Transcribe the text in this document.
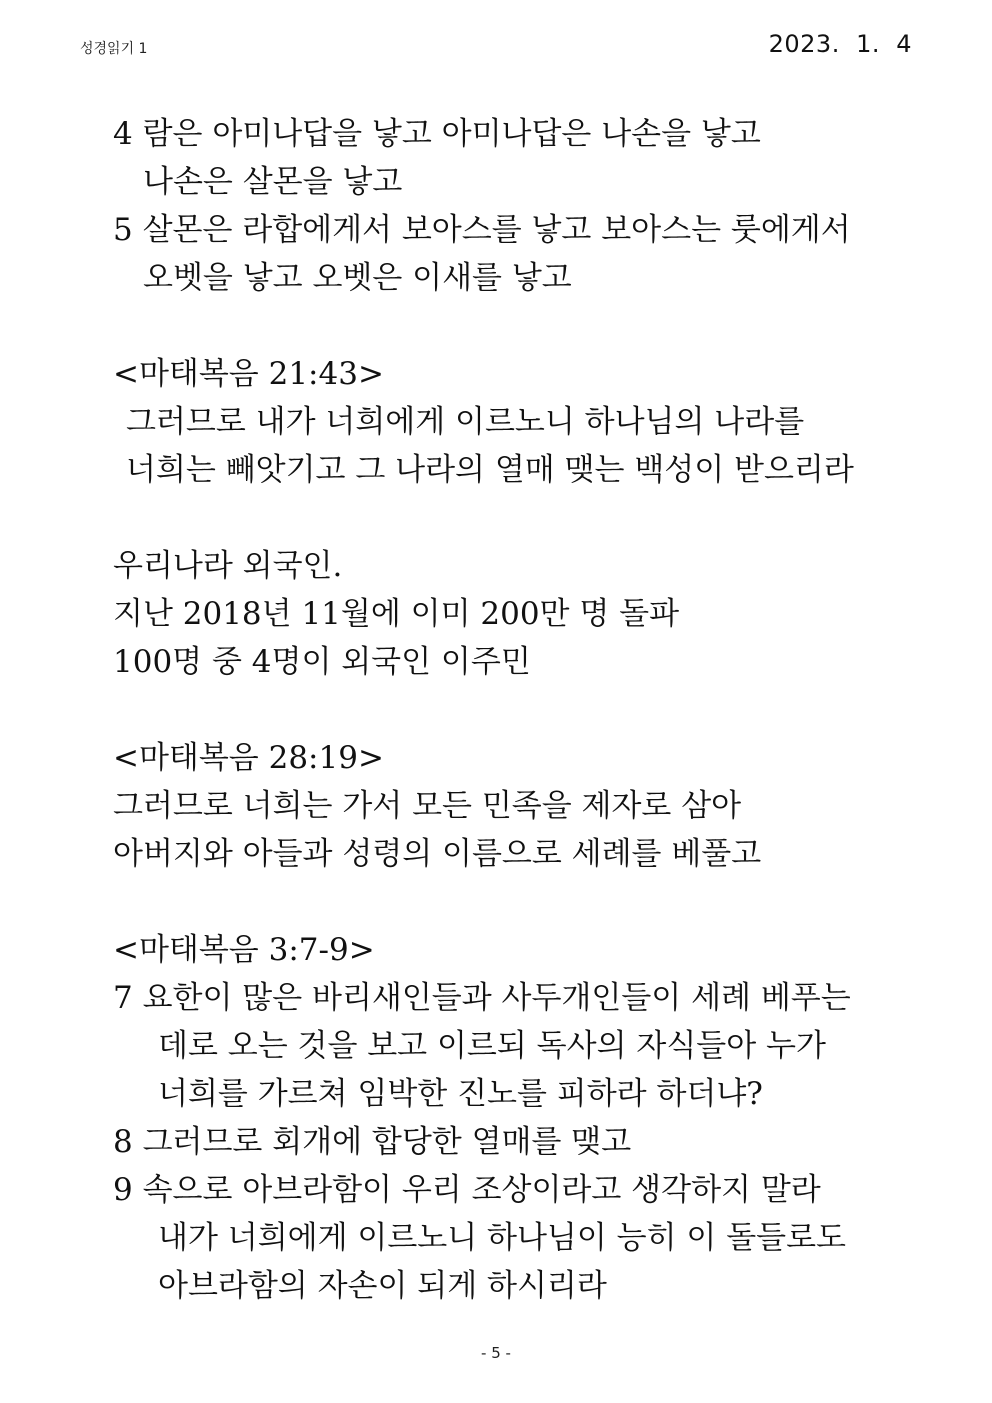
성경읽기 1	2023.  1.  4
4 람은 아미나답을 낳고 아미나답은 나손을 낳고
나손은 살몬을 낳고
5 살몬은 라합에게서 보아스를 낳고 보아스는 룻에게서
오벳을 낳고 오벳은 이새를 낳고
<마태복음 21:43>
그러므로 내가 너희에게 이르노니 하나님의 나라를
너희는 빼앗기고 그 나라의 열매 맺는 백성이 받으리라
우리나라 외국인.
지난 2018년 11월에 이미 200만 명 돌파
100명 중 4명이 외국인 이주민
<마태복음 28:19>
그러므로 너희는 가서 모든 민족을 제자로 삼아
아버지와 아들과 성령의 이름으로 세례를 베풀고
<마태복음 3:7-9>
7 요한이 많은 바리새인들과 사두개인들이 세례 베푸는
데로 오는 것을 보고 이르되 독사의 자식들아 누가
너희를 가르쳐 임박한 진노를 피하라 하더냐?
8 그러므로 회개에 합당한 열매를 맺고
9 속으로 아브라함이 우리 조상이라고 생각하지 말라
내가 너희에게 이르노니 하나님이 능히 이 돌들로도
아브라함의 자손이 되게 하시리라
- 5 -
